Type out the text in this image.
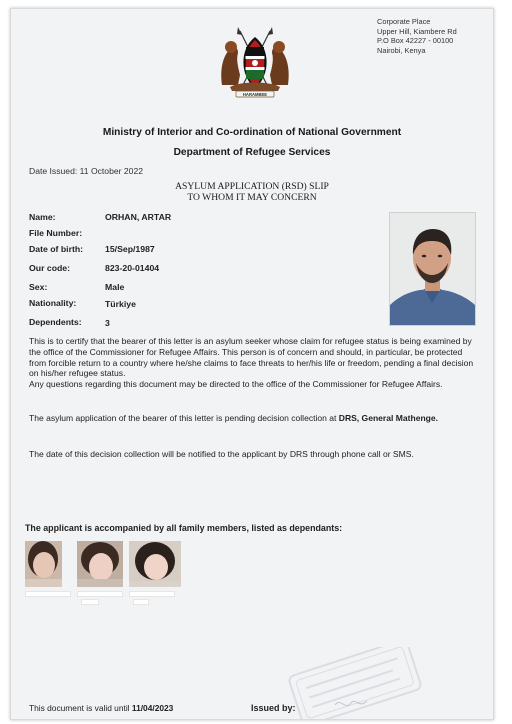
Corporate Place
Upper Hill, Kiambere Rd
P.O Box 42227 - 00100
Nairobi, Kenya
HARAMBEE
Ministry of Interior and Co-ordination of National Government
Department of Refugee Services
Date Issued: 11 October 2022
ASYLUM APPLICATION (RSD) SLIP
TO WHOM IT MAY CONCERN
Name:	ORHAN, ARTAR
File Number:
Date of birth:	15/Sep/1987
Our code:	823-20-01404
Sex:	Male
Nationality:	Türkiye
Dependents:	3
This is to certify that the bearer of this letter is an asylum seeker whose claim for refugee status is being examined by the office of the Commissioner for Refugee Affairs. This person is of concern and should, in particular, be protected from forcible return to a country where he/she claims to face threats to her/his life or freedom, pending a final decision on his/her refugee status.
Any questions regarding this document may be directed to the office of the Commissioner for Refugee Affairs.
The asylum application of the bearer of this letter is pending decision collection at DRS, General Mathenge.
The date of this decision collection will be notified to the applicant by DRS through phone call or SMS.
The applicant is accompanied by all family members, listed as dependants:
This document is valid until 11/04/2023	Issued by:
